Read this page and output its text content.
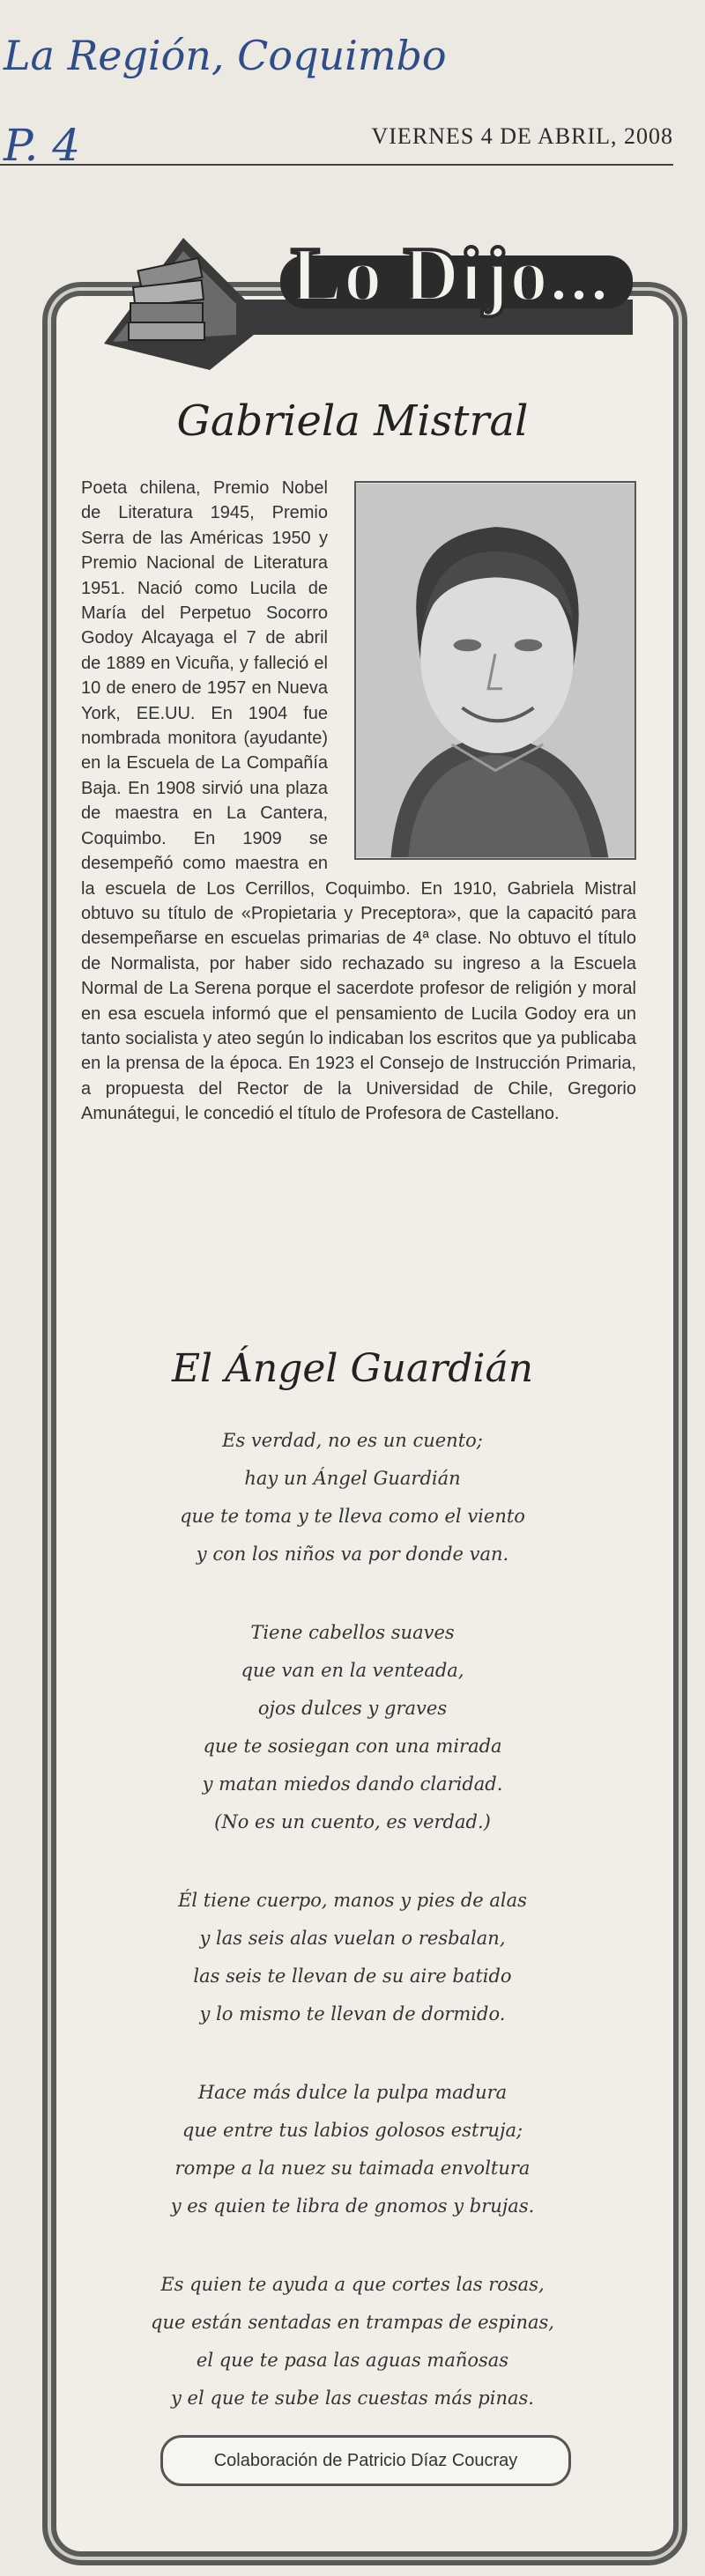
La Región, Coquimbo
P. 4	VIERNES 4 DE ABRIL, 2008
Lo Dijo...
Gabriela Mistral
Poeta chilena, Premio Nobel de Literatura 1945, Premio Serra de las Américas 1950 y Premio Nacional de Literatura 1951. Nació como Lucila de María del Perpetuo Socorro Godoy Alcayaga el 7 de abril de 1889 en Vicuña, y falleció el 10 de enero de 1957 en Nueva York, EE.UU. En 1904 fue nombrada monitora (ayudante) en la Escuela de La Compañía Baja. En 1908 sirvió una plaza de maestra en La Cantera, Coquimbo. En 1909 se desempeñó como maestra en la escuela de Los Cerrillos, Coquimbo. En 1910, Gabriela Mistral obtuvo su título de «Propietaria y Preceptora», que la capacitó para desempeñarse en escuelas primarias de 4ª clase. No obtuvo el título de Normalista, por haber sido rechazado su ingreso a la Escuela Normal de La Serena porque el sacerdote profesor de religión y moral en esa escuela informó que el pensamiento de Lucila Godoy era un tanto socialista y ateo según lo indicaban los escritos que ya publicaba en la prensa de la época. En 1923 el Consejo de Instrucción Primaria, a propuesta del Rector de la Universidad de Chile, Gregorio Amunátegui, le concedió el título de Profesora de Castellano.
El Ángel Guardián
Es verdad, no es un cuento;
hay un Ángel Guardián
que te toma y te lleva como el viento
y con los niños va por donde van.
Tiene cabellos suaves
que van en la venteada,
ojos dulces y graves
que te sosiegan con una mirada
y matan miedos dando claridad.
(No es un cuento, es verdad.)
Él tiene cuerpo, manos y pies de alas
y las seis alas vuelan o resbalan,
las seis te llevan de su aire batido
y lo mismo te llevan de dormido.
Hace más dulce la pulpa madura
que entre tus labios golosos estruja;
rompe a la nuez su taimada envoltura
y es quien te libra de gnomos y brujas.
Es quien te ayuda a que cortes las rosas,
que están sentadas en trampas de espinas,
el que te pasa las aguas mañosas
y el que te sube las cuestas más pinas.
Colaboración de Patricio Díaz Coucray
